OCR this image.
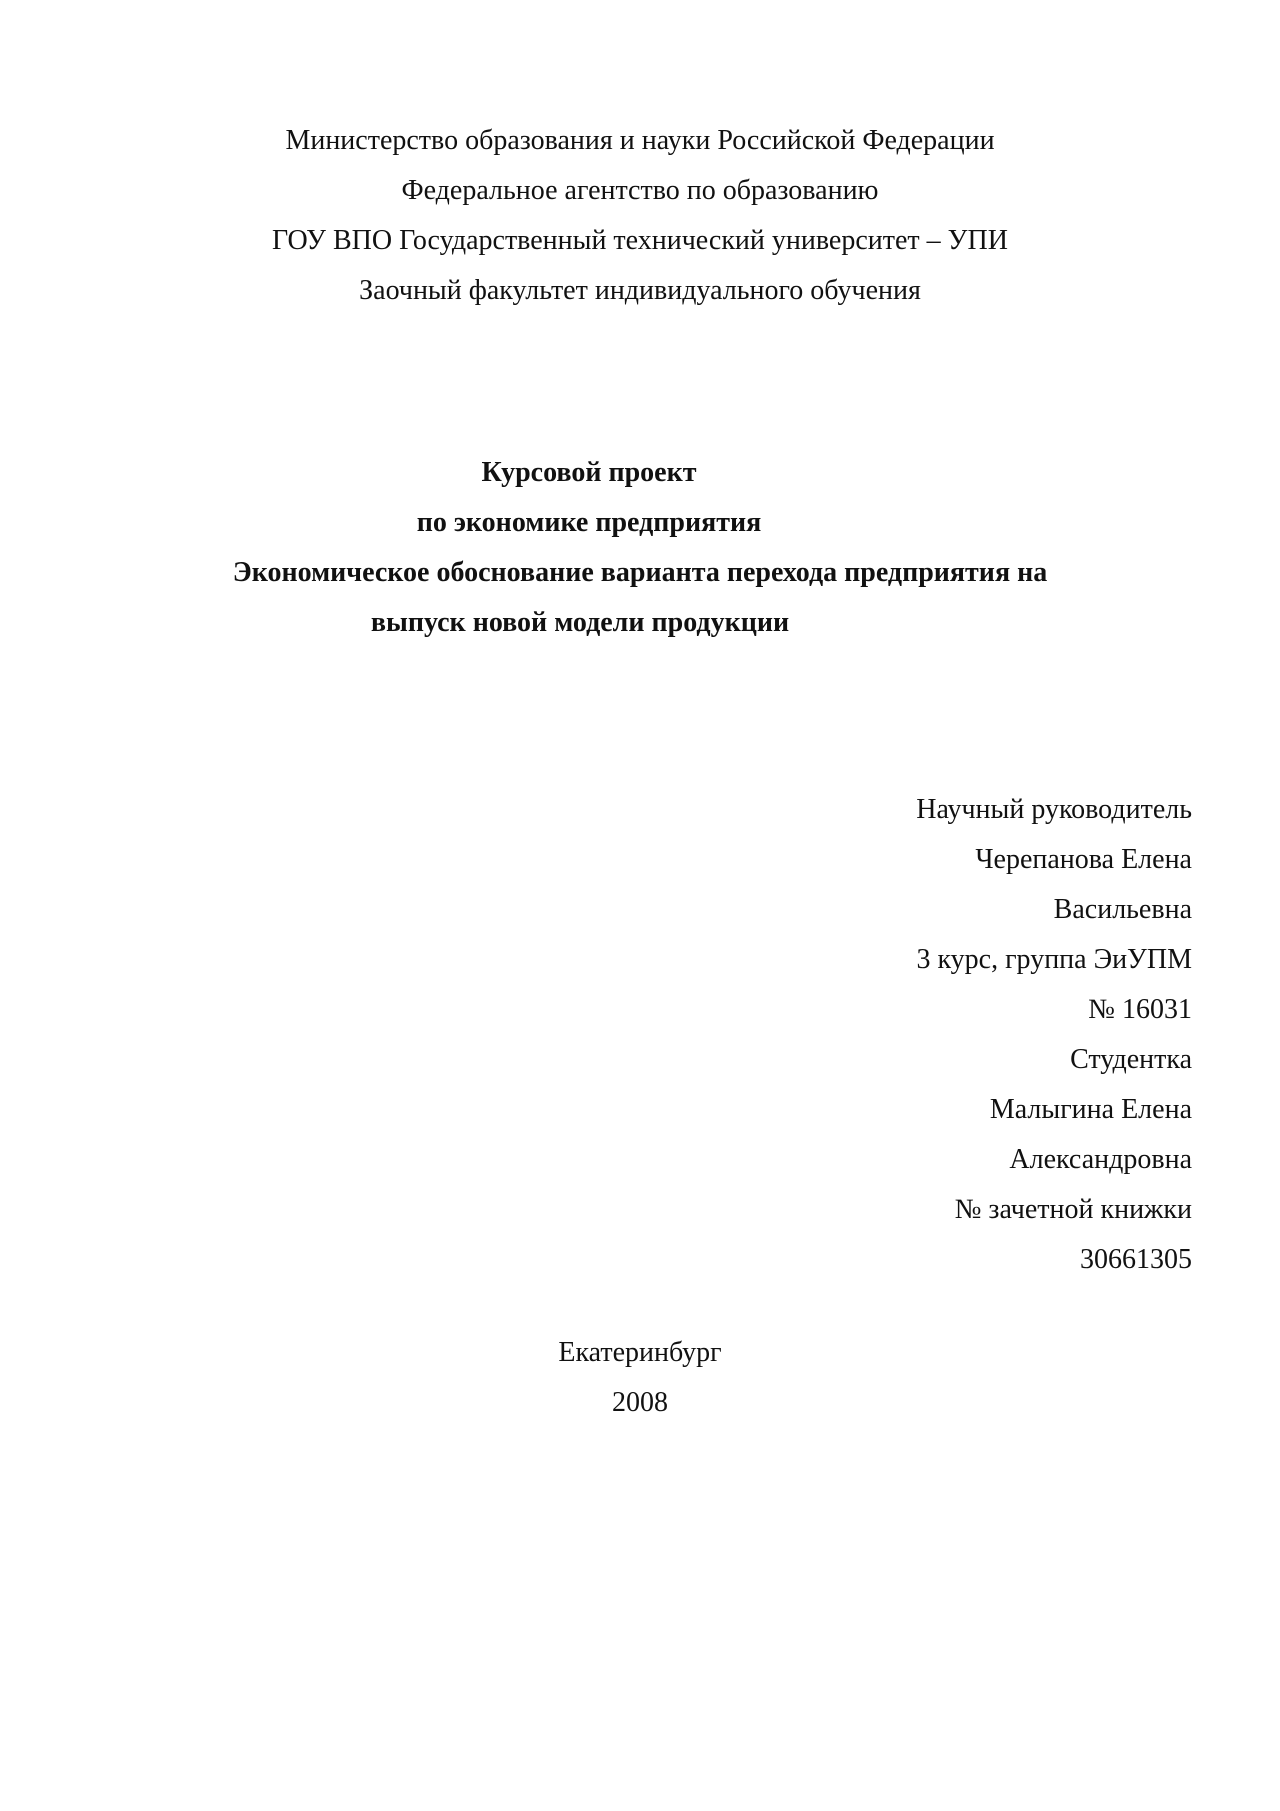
Министерство образования и науки Российской Федерации
Федеральное агентство по образованию
ГОУ ВПО Государственный технический университет – УПИ
Заочный факультет индивидуального обучения
Курсовой проект
по экономике предприятия
Экономическое обоснование варианта перехода предприятия на
выпуск новой модели продукции
Научный руководитель
Черепанова Елена
Васильевна
3 курс, группа ЭиУПМ
№ 16031
Студентка
Малыгина Елена
Александровна
№ зачетной книжки
30661305
Екатеринбург
2008
